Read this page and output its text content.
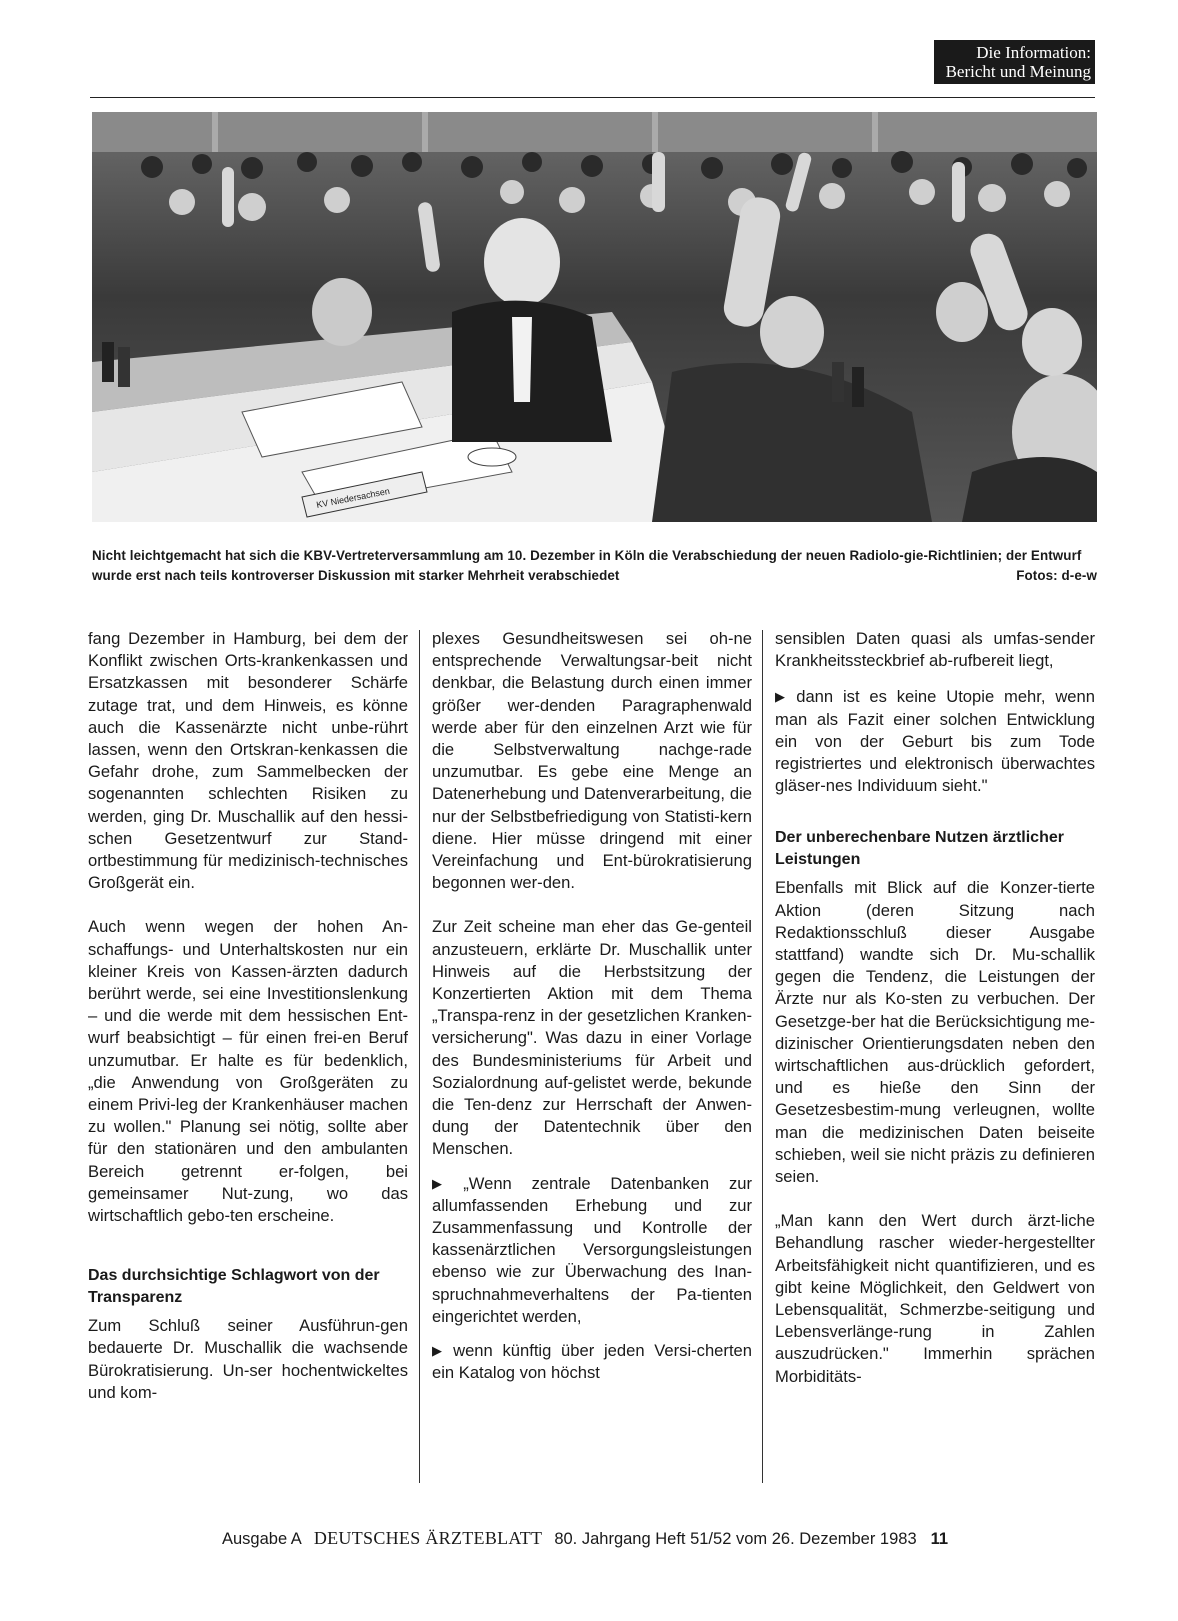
Die Information:
Bericht und Meinung
KV Niedersachsen
Nicht leichtgemacht hat sich die KBV-Vertreterversammlung am 10. Dezember in Köln die Verabschiedung der neuen Radiolo-gie-Richtlinien; der Entwurf wurde erst nach teils kontroverser Diskussion mit starker Mehrheit verabschiedet	Fotos: d-e-w

fang Dezember in Hamburg, bei dem der Konflikt zwischen Orts-krankenkassen und Ersatzkassen mit besonderer Schärfe zutage trat, und dem Hinweis, es könne auch die Kassenärzte nicht unbe-rührt lassen, wenn den Ortskran-kenkassen die Gefahr drohe, zum Sammelbecken der sogenannten schlechten Risiken zu werden, ging Dr. Muschallik auf den hessi-schen Gesetzentwurf zur Stand-ortbestimmung für medizinisch-technisches Großgerät ein.

Auch wenn wegen der hohen An-schaffungs- und Unterhaltskosten nur ein kleiner Kreis von Kassen-ärzten dadurch berührt werde, sei eine Investitionslenkung – und die werde mit dem hessischen Ent-wurf beabsichtigt – für einen frei-en Beruf unzumutbar. Er halte es für bedenklich, „die Anwendung von Großgeräten zu einem Privi-leg der Krankenhäuser machen zu wollen." Planung sei nötig, sollte aber für den stationären und den ambulanten Bereich getrennt er-folgen, bei gemeinsamer Nut-zung, wo das wirtschaftlich gebo-ten erscheine.

Das durchsichtige Schlagwort von der Transparenz

Zum Schluß seiner Ausführun-gen bedauerte Dr. Muschallik die wachsende Bürokratisierung. Un-ser hochentwickeltes und kom-

plexes Gesundheitswesen sei oh-ne entsprechende Verwaltungsar-beit nicht denkbar, die Belastung durch einen immer größer wer-denden Paragraphenwald werde aber für den einzelnen Arzt wie für die Selbstverwaltung nachge-rade unzumutbar. Es gebe eine Menge an Datenerhebung und Datenverarbeitung, die nur der Selbstbefriedigung von Statisti-kern diene. Hier müsse dringend mit einer Vereinfachung und Ent-bürokratisierung begonnen wer-den.

Zur Zeit scheine man eher das Ge-genteil anzusteuern, erklärte Dr. Muschallik unter Hinweis auf die Herbstsitzung der Konzertierten Aktion mit dem Thema „Transpa-renz in der gesetzlichen Kranken-versicherung". Was dazu in einer Vorlage des Bundesministeriums für Arbeit und Sozialordnung auf-gelistet werde, bekunde die Ten-denz zur Herrschaft der Anwen-dung der Datentechnik über den Menschen.

▶ „Wenn zentrale Datenbanken zur allumfassenden Erhebung und zur Zusammenfassung und Kontrolle der kassenärztlichen Versorgungsleistungen ebenso wie zur Überwachung des Inan-spruchnahmeverhaltens der Pa-tienten eingerichtet werden,

▶ wenn künftig über jeden Versi-cherten ein Katalog von höchst

sensiblen Daten quasi als umfas-sender Krankheitssteckbrief ab-rufbereit liegt,

▶ dann ist es keine Utopie mehr, wenn man als Fazit einer solchen Entwicklung ein von der Geburt bis zum Tode registriertes und elektronisch überwachtes gläser-nes Individuum sieht."

Der unberechenbare Nutzen ärztlicher Leistungen

Ebenfalls mit Blick auf die Konzer-tierte Aktion (deren Sitzung nach Redaktionsschluß dieser Ausgabe stattfand) wandte sich Dr. Mu-schallik gegen die Tendenz, die Leistungen der Ärzte nur als Ko-sten zu verbuchen. Der Gesetzge-ber hat die Berücksichtigung me-dizinischer Orientierungsdaten neben den wirtschaftlichen aus-drücklich gefordert, und es hieße den Sinn der Gesetzesbestim-mung verleugnen, wollte man die medizinischen Daten beiseite schieben, weil sie nicht präzis zu definieren seien.

„Man kann den Wert durch ärzt-liche Behandlung rascher wieder-hergestellter Arbeitsfähigkeit nicht quantifizieren, und es gibt keine Möglichkeit, den Geldwert von Lebensqualität, Schmerzbe-seitigung und Lebensverlänge-rung in Zahlen auszudrücken." Immerhin sprächen Morbiditäts-

Ausgabe A DEUTSCHES ÄRZTEBLATT 80. Jahrgang Heft 51/52 vom 26. Dezember 1983 11
